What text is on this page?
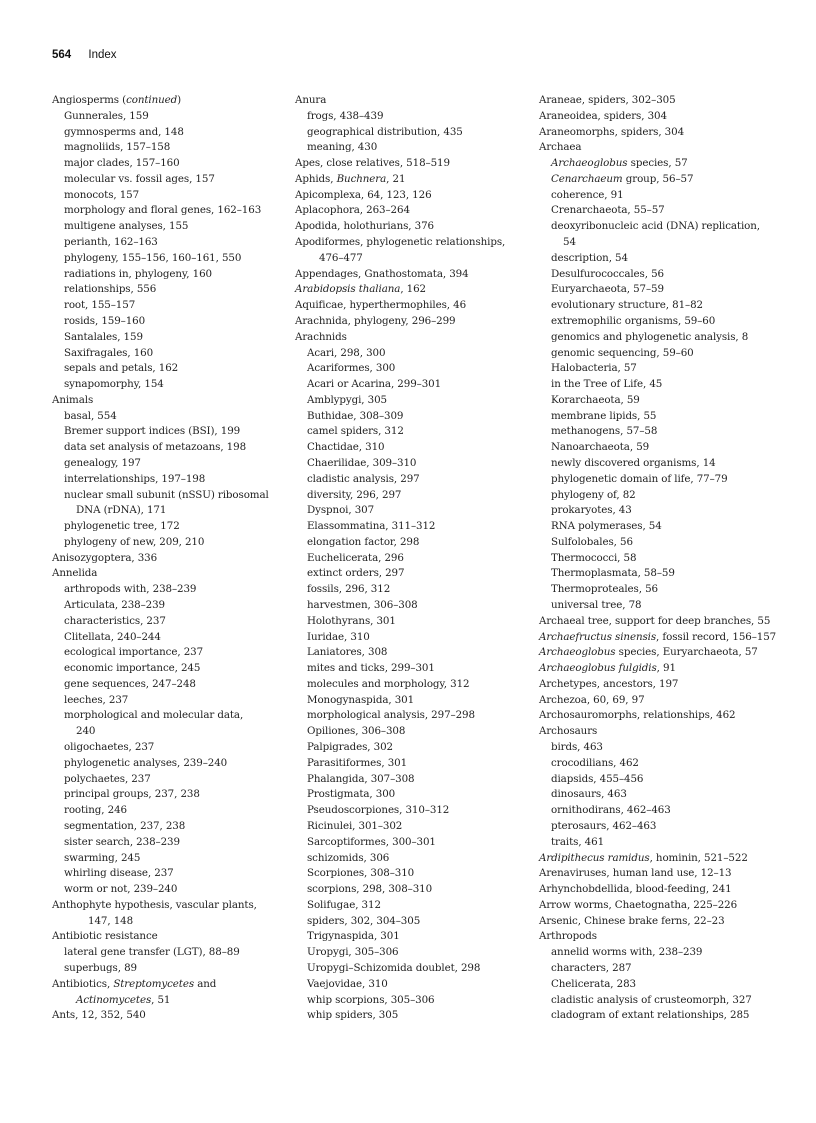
564 Index
Angiosperms (continued)
Gunnerales, 159
gymnosperms and, 148
magnoliids, 157–158
major clades, 157–160
molecular vs. fossil ages, 157
monocots, 157
morphology and floral genes, 162–163
multigene analyses, 155
perianth, 162–163
phylogeny, 155–156, 160–161, 550
radiations in, phylogeny, 160
relationships, 556
root, 155–157
rosids, 159–160
Santalales, 159
Saxifragales, 160
sepals and petals, 162
synapomorphy, 154
Animals
basal, 554
Bremer support indices (BSI), 199
data set analysis of metazoans, 198
genealogy, 197
interrelationships, 197–198
nuclear small subunit (nSSU) ribosomal
DNA (rDNA), 171
phylogenetic tree, 172
phylogeny of new, 209, 210
Anisozygoptera, 336
Annelida
arthropods with, 238–239
Articulata, 238–239
characteristics, 237
Clitellata, 240–244
ecological importance, 237
economic importance, 245
gene sequences, 247–248
leeches, 237
morphological and molecular data,
240
oligochaetes, 237
phylogenetic analyses, 239–240
polychaetes, 237
principal groups, 237, 238
rooting, 246
segmentation, 237, 238
sister search, 238–239
swarming, 245
whirling disease, 237
worm or not, 239–240
Anthophyte hypothesis, vascular plants,
147, 148
Antibiotic resistance
lateral gene transfer (LGT), 88–89
superbugs, 89
Antibiotics, Streptomycetes and
Actinomycetes, 51
Ants, 12, 352, 540
Anura
frogs, 438–439
geographical distribution, 435
meaning, 430
Apes, close relatives, 518–519
Aphids, Buchnera, 21
Apicomplexa, 64, 123, 126
Aplacophora, 263–264
Apodida, holothurians, 376
Apodiformes, phylogenetic relationships,
476–477
Appendages, Gnathostomata, 394
Arabidopsis thaliana, 162
Aquificae, hyperthermophiles, 46
Arachnida, phylogeny, 296–299
Arachnids
Acari, 298, 300
Acariformes, 300
Acari or Acarina, 299–301
Amblypygi, 305
Buthidae, 308–309
camel spiders, 312
Chactidae, 310
Chaerilidae, 309–310
cladistic analysis, 297
diversity, 296, 297
Dyspnoi, 307
Elassommatina, 311–312
elongation factor, 298
Euchelicerata, 296
extinct orders, 297
fossils, 296, 312
harvestmen, 306–308
Holothyrans, 301
Iuridae, 310
Laniatores, 308
mites and ticks, 299–301
molecules and morphology, 312
Monogynaspida, 301
morphological analysis, 297–298
Opiliones, 306–308
Palpigrades, 302
Parasitiformes, 301
Phalangida, 307–308
Prostigmata, 300
Pseudoscorpiones, 310–312
Ricinulei, 301–302
Sarcoptiformes, 300–301
schizomids, 306
Scorpiones, 308–310
scorpions, 298, 308–310
Solifugae, 312
spiders, 302, 304–305
Trigynaspida, 301
Uropygi, 305–306
Uropygi–Schizomida doublet, 298
Vaejovidae, 310
whip scorpions, 305–306
whip spiders, 305
Araneae, spiders, 302–305
Araneoidea, spiders, 304
Araneomorphs, spiders, 304
Archaea
Archaeoglobus species, 57
Cenarchaeum group, 56–57
coherence, 91
Crenarchaeota, 55–57
deoxyribonucleic acid (DNA) replication,
54
description, 54
Desulfurococcales, 56
Euryarchaeota, 57–59
evolutionary structure, 81–82
extremophilic organisms, 59–60
genomics and phylogenetic analysis, 8
genomic sequencing, 59–60
Halobacteria, 57
in the Tree of Life, 45
Korarchaeota, 59
membrane lipids, 55
methanogens, 57–58
Nanoarchaeota, 59
newly discovered organisms, 14
phylogenetic domain of life, 77–79
phylogeny of, 82
prokaryotes, 43
RNA polymerases, 54
Sulfolobales, 56
Thermococci, 58
Thermoplasmata, 58–59
Thermoproteales, 56
universal tree, 78
Archaeal tree, support for deep branches, 55
Archaefructus sinensis, fossil record, 156–157
Archaeoglobus species, Euryarchaeota, 57
Archaeoglobus fulgidis, 91
Archetypes, ancestors, 197
Archezoa, 60, 69, 97
Archosauromorphs, relationships, 462
Archosaurs
birds, 463
crocodilians, 462
diapsids, 455–456
dinosaurs, 463
ornithodirans, 462–463
pterosaurs, 462–463
traits, 461
Ardipithecus ramidus, hominin, 521–522
Arenaviruses, human land use, 12–13
Arhynchobdellida, blood-feeding, 241
Arrow worms, Chaetognatha, 225–226
Arsenic, Chinese brake ferns, 22–23
Arthropods
annelid worms with, 238–239
characters, 287
Chelicerata, 283
cladistic analysis of crusteomorph, 327
cladogram of extant relationships, 285
